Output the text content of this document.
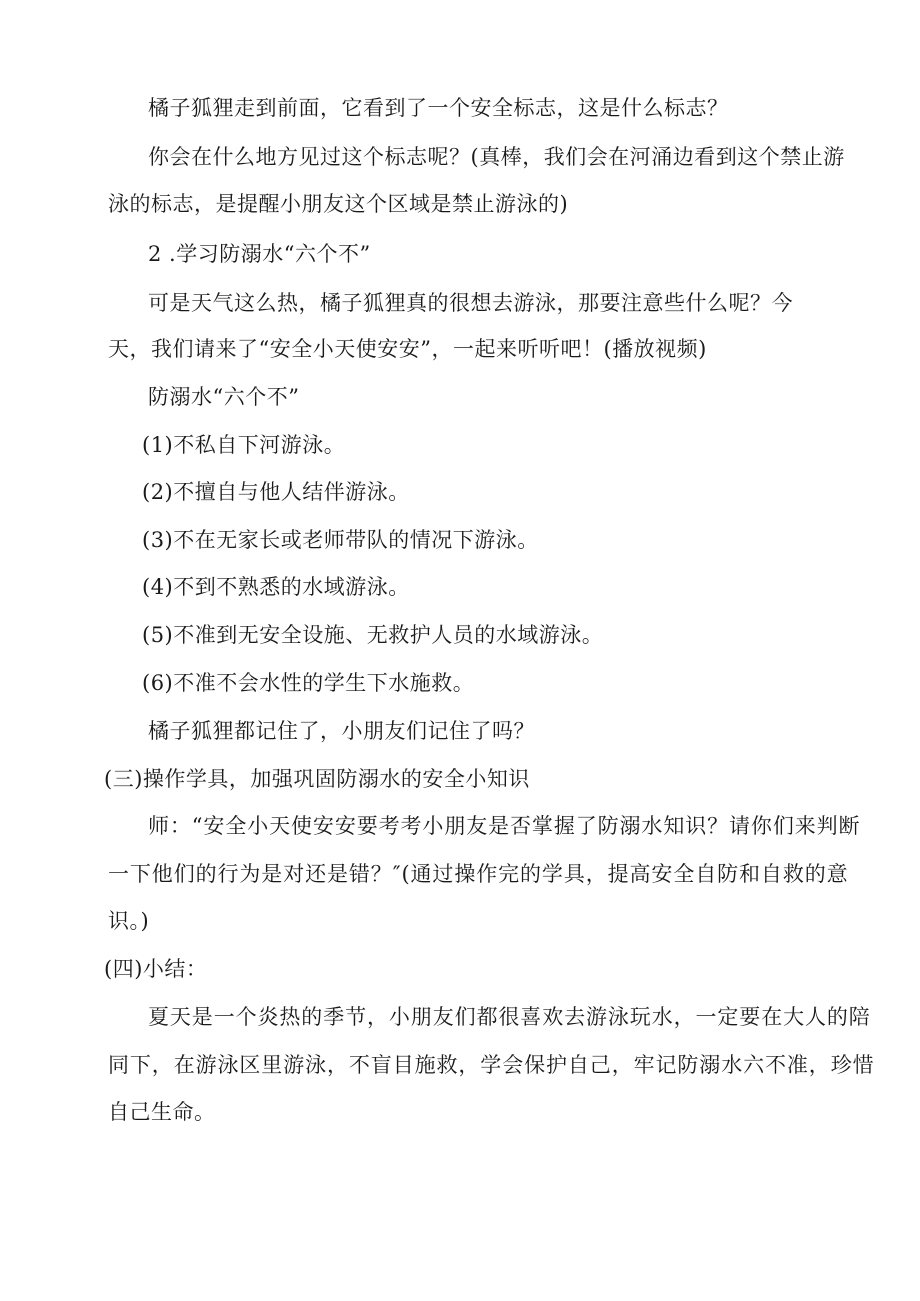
橘子狐狸走到前面，它看到了一个安全标志，这是什么标志？
你会在什么地方见过这个标志呢？(真棒，我们会在河涌边看到这个禁止游
泳的标志，是提醒小朋友这个区域是禁止游泳的)
2 .学习防溺水“六个不”
可是天气这么热，橘子狐狸真的很想去游泳，那要注意些什么呢？今
天，我们请来了“安全小天使安安”，一起来听听吧！(播放视频)
防溺水“六个不”
(1)不私自下河游泳。
(2)不擅自与他人结伴游泳。
(3)不在无家长或老师带队的情况下游泳。
(4)不到不熟悉的水域游泳。
(5)不准到无安全设施、无救护人员的水域游泳。
(6)不准不会水性的学生下水施救。
橘子狐狸都记住了，小朋友们记住了吗？
(三)操作学具，加强巩固防溺水的安全小知识
师：“安全小天使安安要考考小朋友是否掌握了防溺水知识？请你们来判断
一下他们的行为是对还是错？″(通过操作完的学具，提高安全自防和自救的意
识。)
(四)小结：
夏天是一个炎热的季节，小朋友们都很喜欢去游泳玩水，一定要在大人的陪
同下，在游泳区里游泳，不盲目施救，学会保护自己，牢记防溺水六不准，珍惜
自己生命。
